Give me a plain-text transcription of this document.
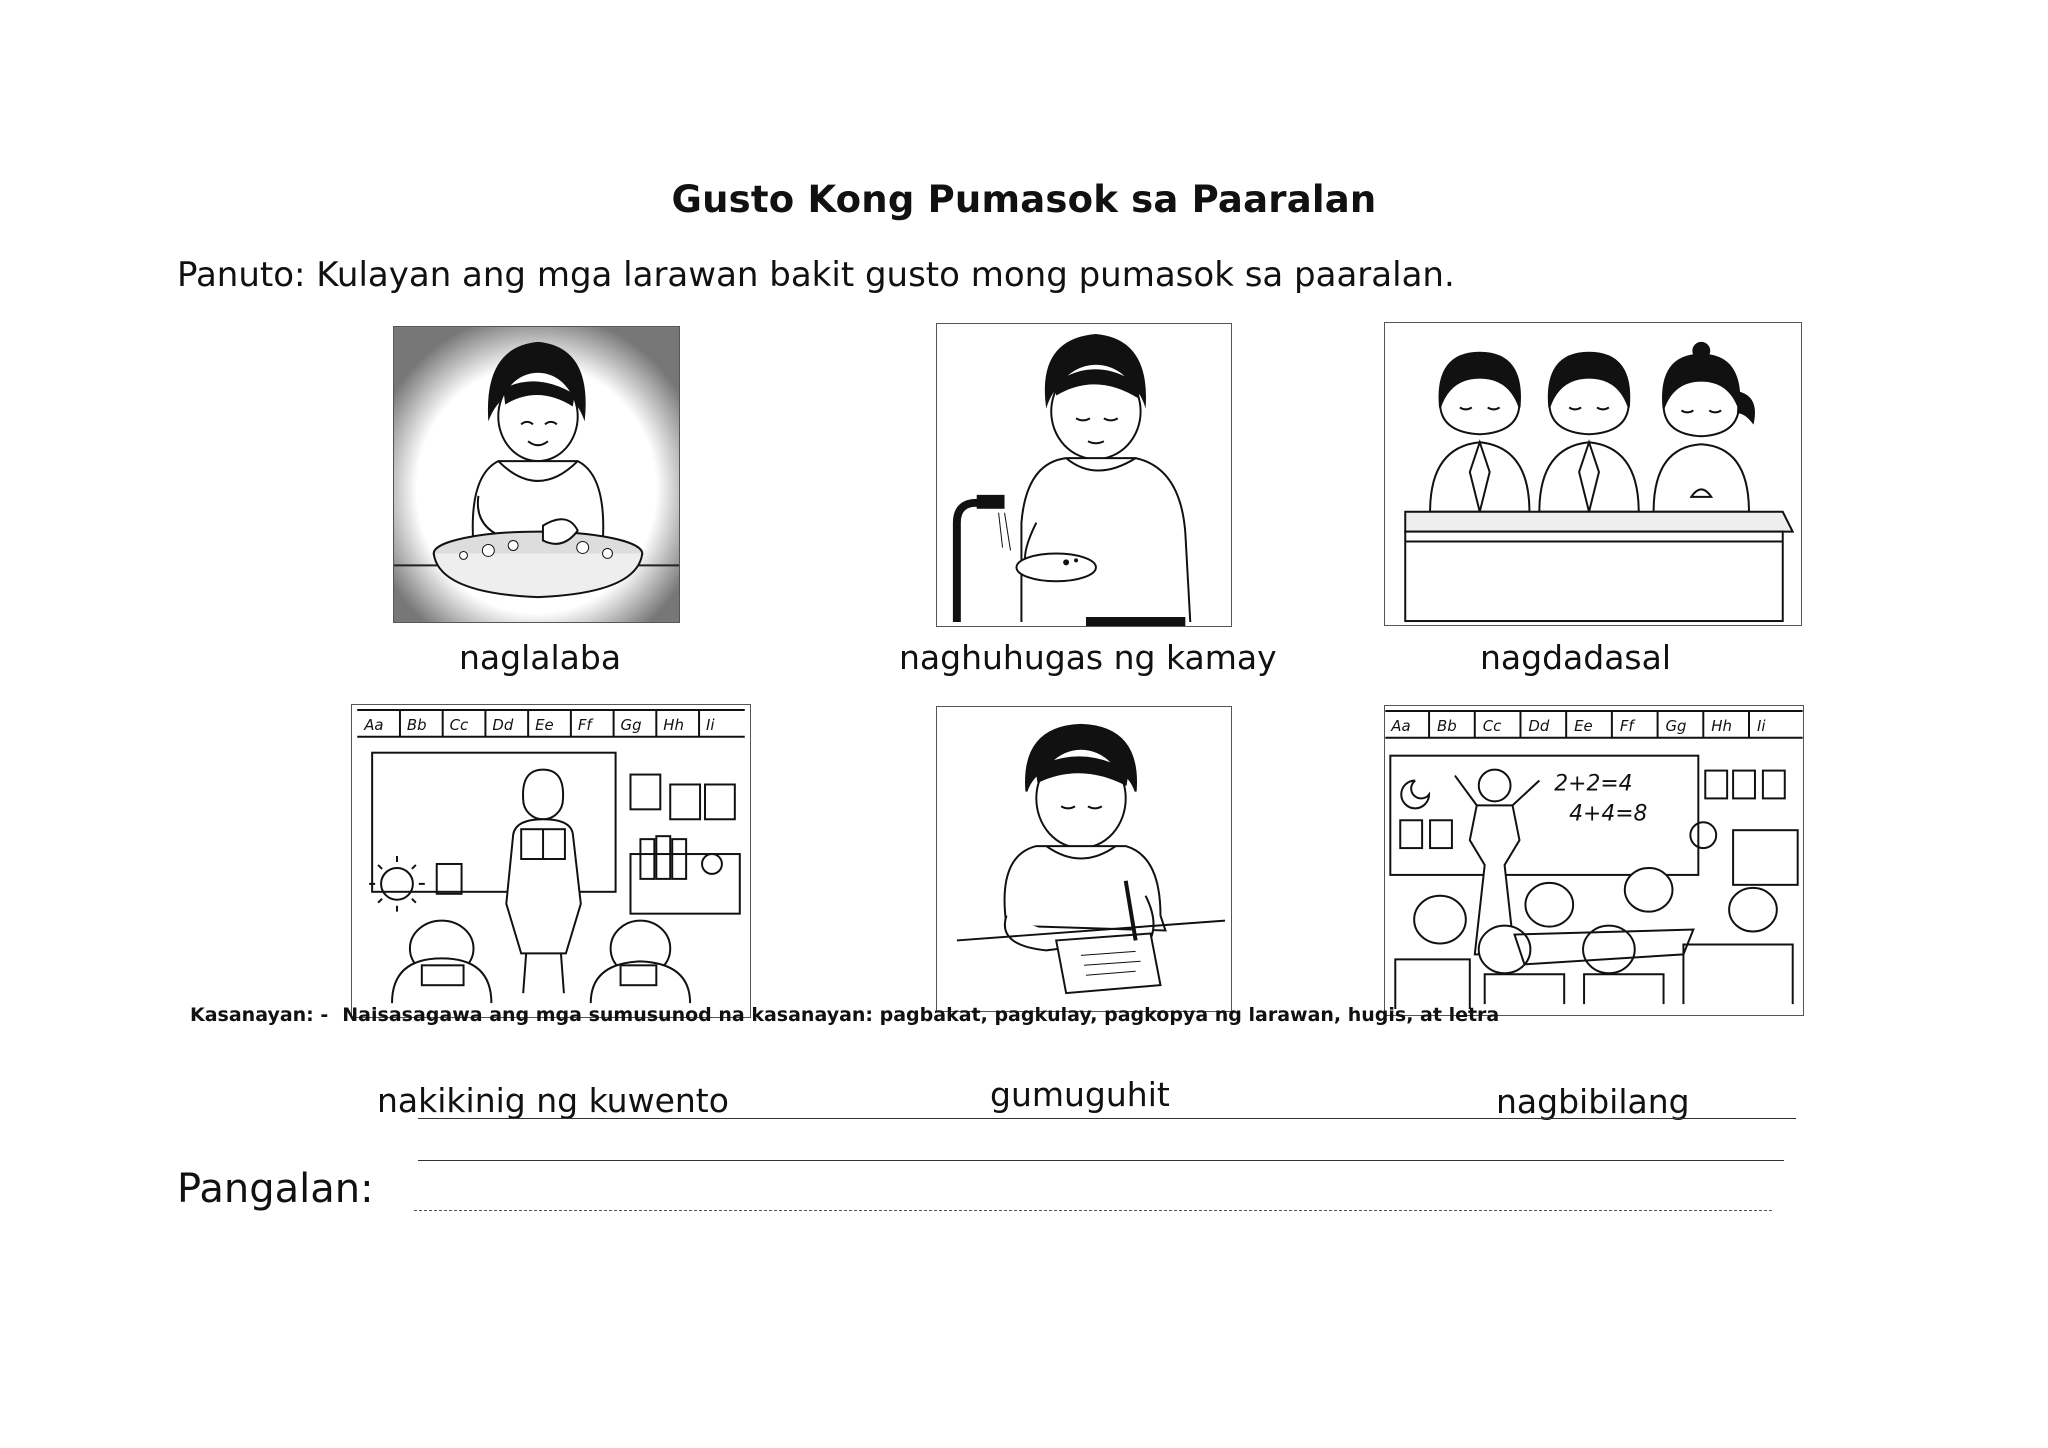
Gusto Kong Pumasok sa Paaralan
Panuto: Kulayan ang mga larawan bakit gusto mong pumasok sa paaralan.
naglalaba	naghuhugas ng kamay	nagdadasal
Aa Bb Cc Dd Ee Ff Gg Hh Ii
nakikinig ng kuwento	gumuguhit
Aa Bb Cc Dd Ee Ff Gg Hh Ii
2+2=4
4+4=8
nagbibilang
Kasanayan: - Naisasagawa ang mga sumusunod na kasanayan: pagbakat, pagkulay, pagkopya ng larawan, hugis, at letra
Pangalan:
